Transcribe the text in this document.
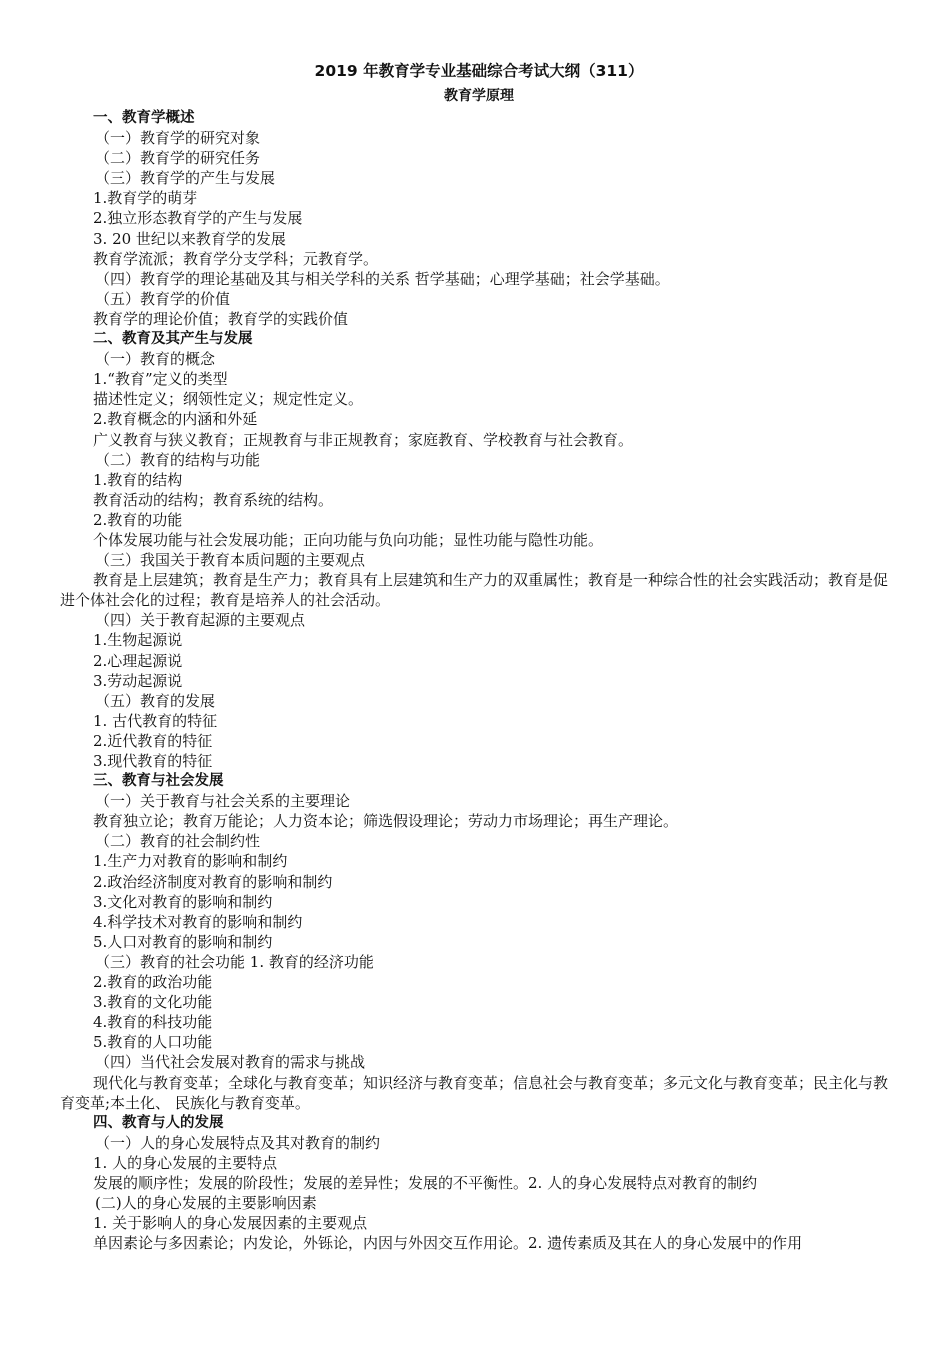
2019 年教育学专业基础综合考试大纲（311）
教育学原理
一、教育学概述
（一）教育学的研究对象
（二）教育学的研究任务
（三）教育学的产生与发展
1.教育学的萌芽
2.独立形态教育学的产生与发展
3. 20 世纪以来教育学的发展
教育学流派；教育学分支学科；元教育学。
（四）教育学的理论基础及其与相关学科的关系 哲学基础；心理学基础；社会学基础。
（五）教育学的价值
教育学的理论价值；教育学的实践价值
二、教育及其产生与发展
（一）教育的概念
1.“教育”定义的类型
描述性定义；纲领性定义；规定性定义。
2.教育概念的内涵和外延
广义教育与狭义教育；正规教育与非正规教育；家庭教育、学校教育与社会教育。
（二）教育的结构与功能
1.教育的结构
教育活动的结构；教育系统的结构。
2.教育的功能
个体发展功能与社会发展功能；正向功能与负向功能；显性功能与隐性功能。
（三）我国关于教育本质问题的主要观点
教育是上层建筑；教育是生产力；教育具有上层建筑和生产力的双重属性；教育是一种综合性的社会实践活动；教育是促进个体社会化的过程；教育是培养人的社会活动。
（四）关于教育起源的主要观点
1.生物起源说
2.心理起源说
3.劳动起源说
（五）教育的发展
1. 古代教育的特征
2.近代教育的特征
3.现代教育的特征
三、教育与社会发展
（一）关于教育与社会关系的主要理论
教育独立论；教育万能论；人力资本论；筛选假设理论；劳动力市场理论；再生产理论。
（二）教育的社会制约性
1.生产力对教育的影响和制约
2.政治经济制度对教育的影响和制约
3.文化对教育的影响和制约
4.科学技术对教育的影响和制约
5.人口对教育的影响和制约
（三）教育的社会功能 1. 教育的经济功能
2.教育的政治功能
3.教育的文化功能
4.教育的科技功能
5.教育的人口功能
（四）当代社会发展对教育的需求与挑战
现代化与教育变革；全球化与教育变革；知识经济与教育变革；信息社会与教育变革；多元文化与教育变革；民主化与教育变革;本土化、 民族化与教育变革。
四、教育与人的发展
（一）人的身心发展特点及其对教育的制约
1. 人的身心发展的主要特点
发展的顺序性；发展的阶段性；发展的差异性；发展的不平衡性。2. 人的身心发展特点对教育的制约
(二)人的身心发展的主要影响因素
1. 关于影响人的身心发展因素的主要观点
单因素论与多因素论；内发论，外铄论，内因与外因交互作用论。2. 遗传素质及其在人的身心发展中的作用
